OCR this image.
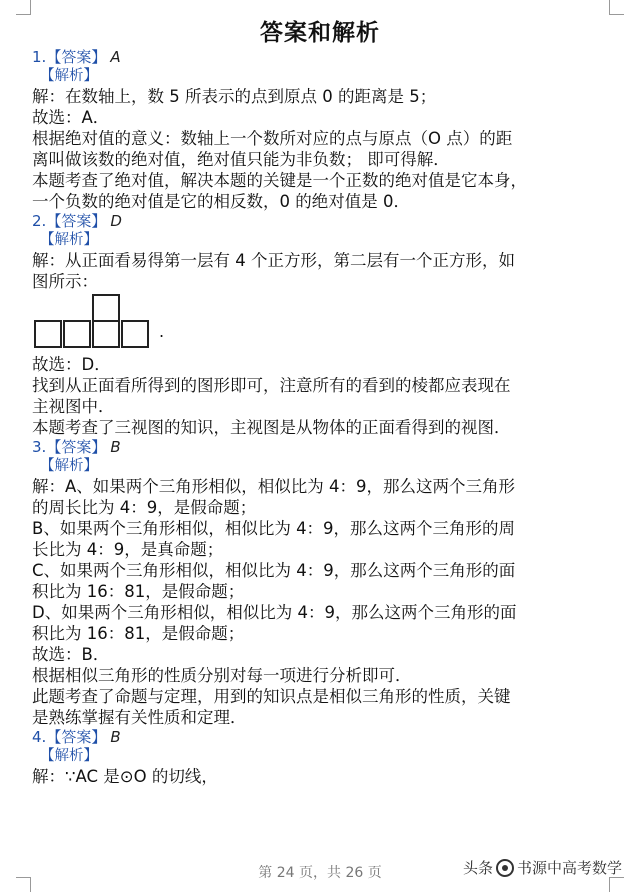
答案和解析
1.【答案】 A
【解析】

解：在数轴上，数 5 所表示的点到原点 0 的距离是 5；

故选：A．

根据绝对值的意义：数轴上一个数所对应的点与原点（O 点）的距

离叫做该数的绝对值，绝对值只能为非负数； 即可得解．

本题考查了绝对值，解决本题的关键是一个正数的绝对值是它本身，

一个负数的绝对值是它的相反数，0 的绝对值是 0．

2.【答案】 D
【解析】

解：从正面看易得第一层有 4 个正方形，第二层有一个正方形，如

图所示：

.

故选：D．

找到从正面看所得到的图形即可，注意所有的看到的棱都应表现在

主视图中．

本题考查了三视图的知识，主视图是从物体的正面看得到的视图．

3.【答案】 B
【解析】

解：A、如果两个三角形相似，相似比为 4：9，那么这两个三角形

的周长比为 4：9，是假命题；

B、如果两个三角形相似，相似比为 4：9，那么这两个三角形的周

长比为 4：9，是真命题；

C、如果两个三角形相似，相似比为 4：9，那么这两个三角形的面

积比为 16：81，是假命题；

D、如果两个三角形相似，相似比为 4：9，那么这两个三角形的面

积比为 16：81，是假命题；

故选：B．

根据相似三角形的性质分别对每一项进行分析即可．

此题考查了命题与定理，用到的知识点是相似三角形的性质，关键

是熟练掌握有关性质和定理．

4.【答案】 B
【解析】

解：∵AC 是⊙O 的切线，

第 24 页，共 26 页	头条 书源中高考数学
